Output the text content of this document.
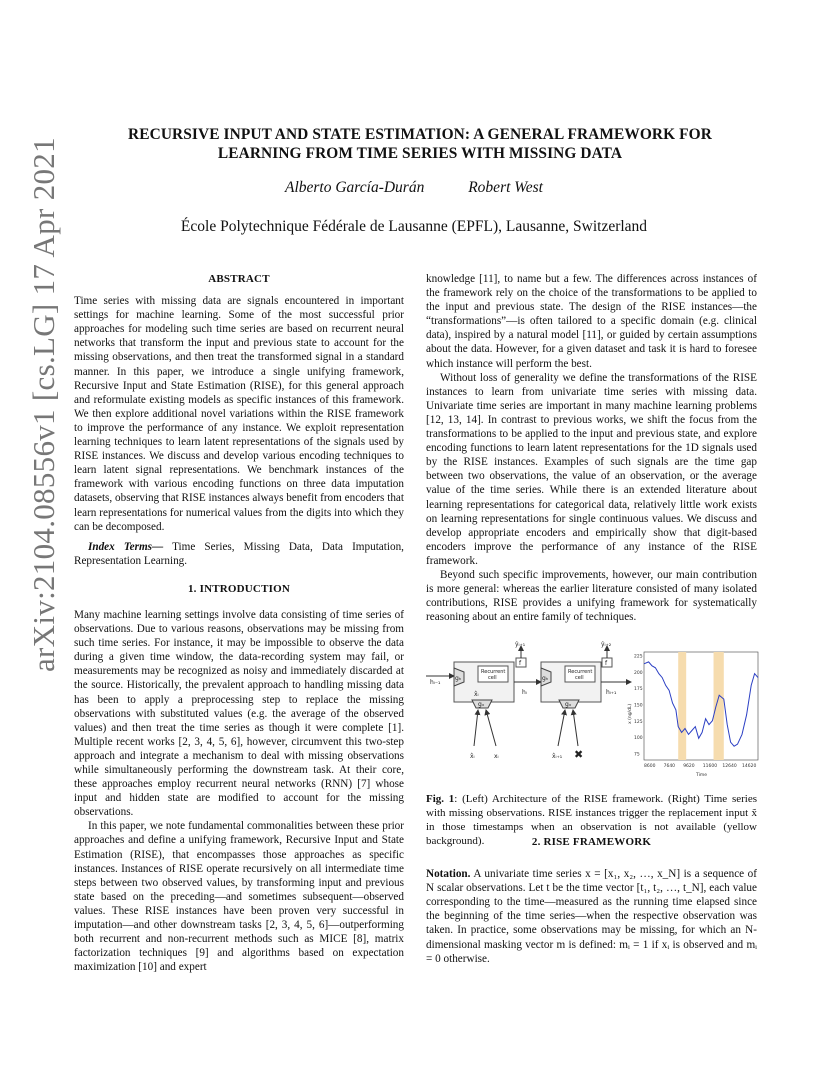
arXiv:2104.08556v1 [cs.LG] 17 Apr 2021
RECURSIVE INPUT AND STATE ESTIMATION: A GENERAL FRAMEWORK FOR
LEARNING FROM TIME SERIES WITH MISSING DATA
Alberto García-Durán	Robert West
École Polytechnique Fédérale de Lausanne (EPFL), Lausanne, Switzerland
ABSTRACT

Time series with missing data are signals encountered in important settings for machine learning. Some of the most successful prior approaches for modeling such time series are based on recurrent neural networks that transform the input and previous state to account for the missing observations, and then treat the transformed signal in a standard manner. In this paper, we introduce a single unifying framework, Recursive Input and State Estimation (RISE), for this general approach and reformulate existing models as specific instances of this framework. We then explore additional novel variations within the RISE framework to improve the performance of any instance. We exploit representation learning techniques to learn latent representations of the signals used by RISE instances. We discuss and develop various encoding techniques to learn latent signal representations. We benchmark instances of the framework with various encoding functions on three data imputation datasets, observing that RISE instances always benefit from encoders that learn representations for numerical values from the digits into which they can be decomposed.

Index Terms— Time Series, Missing Data, Data Imputation, Representation Learning.

1. INTRODUCTION

Many machine learning settings involve data consisting of time series of observations. Due to various reasons, observations may be missing from such time series. For instance, it may be impossible to observe the data during a given time window, the data-recording system may fail, or measurements may be recognized as noisy and immediately discarded at the source. Historically, the prevalent approach to handling missing data has been to apply a preprocessing step to replace the missing observations with substituted values (e.g. the average of the observed values) and then treat the time series as though it were complete [1]. Multiple recent works [2, 3, 4, 5, 6], however, circumvent this two-step approach and integrate a mechanism to deal with missing observations while simultaneously performing the downstream task. At their core, these approaches employ recurrent neural networks (RNN) [7] whose input and hidden state are modified to account for the missing observations.

In this paper, we note fundamental commonalities between these prior approaches and define a unifying framework, Recursive Input and State Estimation (RISE), that encompasses those approaches as specific instances. Instances of RISE operate recursively on all intermediate time steps between two observed values, by transforming input and previous state based on the preceding—and sometimes subsequent—observed values. These RISE instances have been proven very successful in imputation—and other downstream tasks [2, 3, 4, 5, 6]—outperforming both recurrent and non-recurrent methods such as MICE [8], matrix factorization techniques [9] and algorithms based on expectation maximization [10] and expert

knowledge [11], to name but a few. The differences across instances of the framework rely on the choice of the transformations to be applied to the input and previous state. The design of the RISE instances—the “transformations”—is often tailored to a specific domain (e.g. clinical data), inspired by a natural model [11], or guided by certain assumptions about the data. However, for a given dataset and task it is hard to foresee which instance will perform the best.

Without loss of generality we define the transformations of the RISE instances to learn from univariate time series with missing data. Univariate time series are important in many machine learning problems [12, 13, 14]. In contrast to previous works, we shift the focus from the transformations to be applied to the input and previous state, and explore encoding functions to learn latent representations for the 1D signals used by the RISE instances. Examples of such signals are the time gap between two observations, the value of an observation, or the average value of the time series. While there is an extended literature about learning representations for categorical data, relatively little work exists on learning representations for single continuous values. We discuss and develop appropriate encoders and empirically show that digit-based encoders improve the performance of any instance of the RISE framework.

Beyond such specific improvements, however, our main contribution is more general: whereas the earlier literature consisted of many isolated contributions, RISE provides a unifying framework for systematically reasoning about an entire family of techniques.

hᵢ₋₁
gₕ
Recurrent
cell
gₓ
x̂ᵢ
f
ŷᵢ₊₁
hᵢ
x̂ᵢ	xᵢ
gₕ
Recurrent
cell
gₓ
f
ŷᵢ₊₂
hᵢ₊₁
x̂ᵢ₊₁ ✖
225
200
175
150
125
100
75
8600 7640 9620 11600 12640 14620
x (ng/dL)
Time
Fig. 1: (Left) Architecture of the RISE framework. (Right) Time series with missing observations. RISE instances trigger the replacement input x̃ in those timestamps when an observation is not available (yellow background).	2. RISE FRAMEWORK

Notation. A univariate time series x = [x₁, x₂, …, x_N] is a sequence of N scalar observations. Let t be the time vector [t₁, t₂, …, t_N], each value corresponding to the time—measured as the running time elapsed since the beginning of the time series—when the respective observation was taken. In practice, some observations may be missing, for which an N-dimensional masking vector m is defined: mᵢ = 1 if xᵢ is observed and mᵢ = 0 otherwise.
